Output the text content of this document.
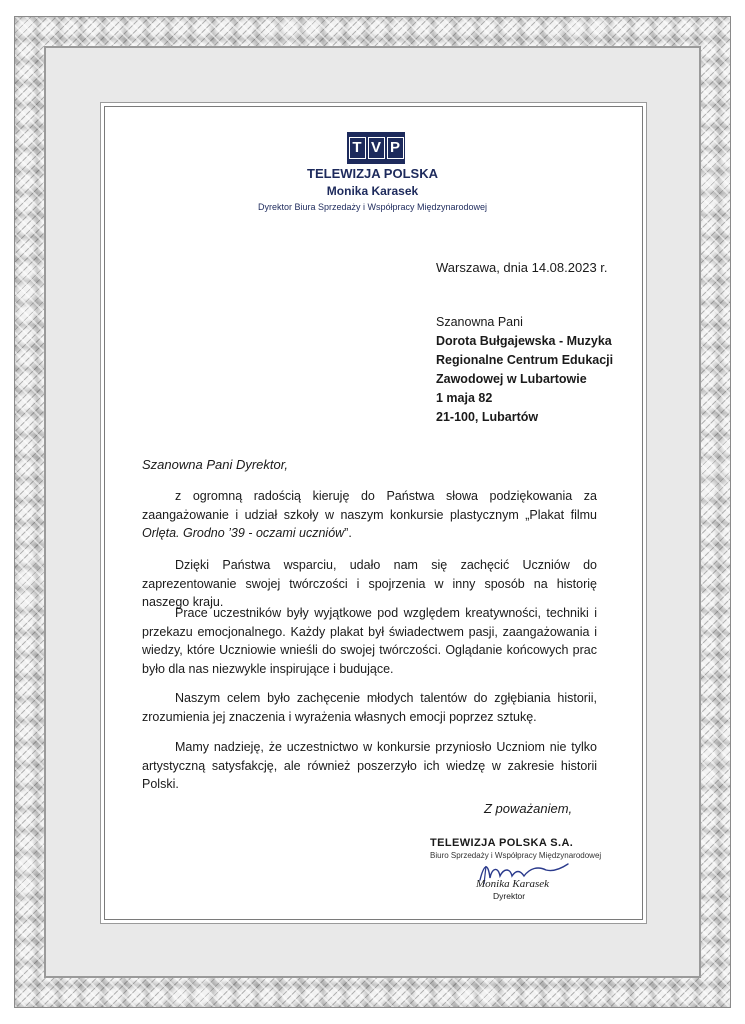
T V P
TELEWIZJA POLSKA
Monika Karasek
Dyrektor Biura Sprzedaży i Współpracy Międzynarodowej
Warszawa, dnia 14.08.2023 r.
Szanowna Pani
Dorota Bułgajewska - Muzyka
Regionalne Centrum Edukacji
Zawodowej w Lubartowie
1 maja 82
21-100, Lubartów
Szanowna Pani Dyrektor,
z ogromną radością kieruję do Państwa słowa podziękowania za zaangażowanie i udział szkoły w naszym konkursie plastycznym „Plakat filmu Orlęta. Grodno ’39 - oczami uczniów”.
Dzięki Państwa wsparciu, udało nam się zachęcić Uczniów do zaprezentowanie swojej twórczości i spojrzenia w inny sposób na historię naszego kraju.
Prace uczestników były wyjątkowe pod względem kreatywności, techniki i przekazu emocjonalnego. Każdy plakat był świadectwem pasji, zaangażowania i wiedzy, które Uczniowie wnieśli do swojej twórczości. Oglądanie końcowych prac było dla nas niezwykle inspirujące i budujące.
Naszym celem było zachęcenie młodych talentów do zgłębiania historii, zrozumienia jej znaczenia i wyrażenia własnych emocji poprzez sztukę.
Mamy nadzieję, że uczestnictwo w konkursie przyniosło Uczniom nie tylko artystyczną satysfakcję, ale również poszerzyło ich wiedzę w zakresie historii Polski.
Z poważaniem,
TELEWIZJA POLSKA S.A.
Biuro Sprzedaży i Współpracy Międzynarodowej
Monika Karasek
Dyrektor
